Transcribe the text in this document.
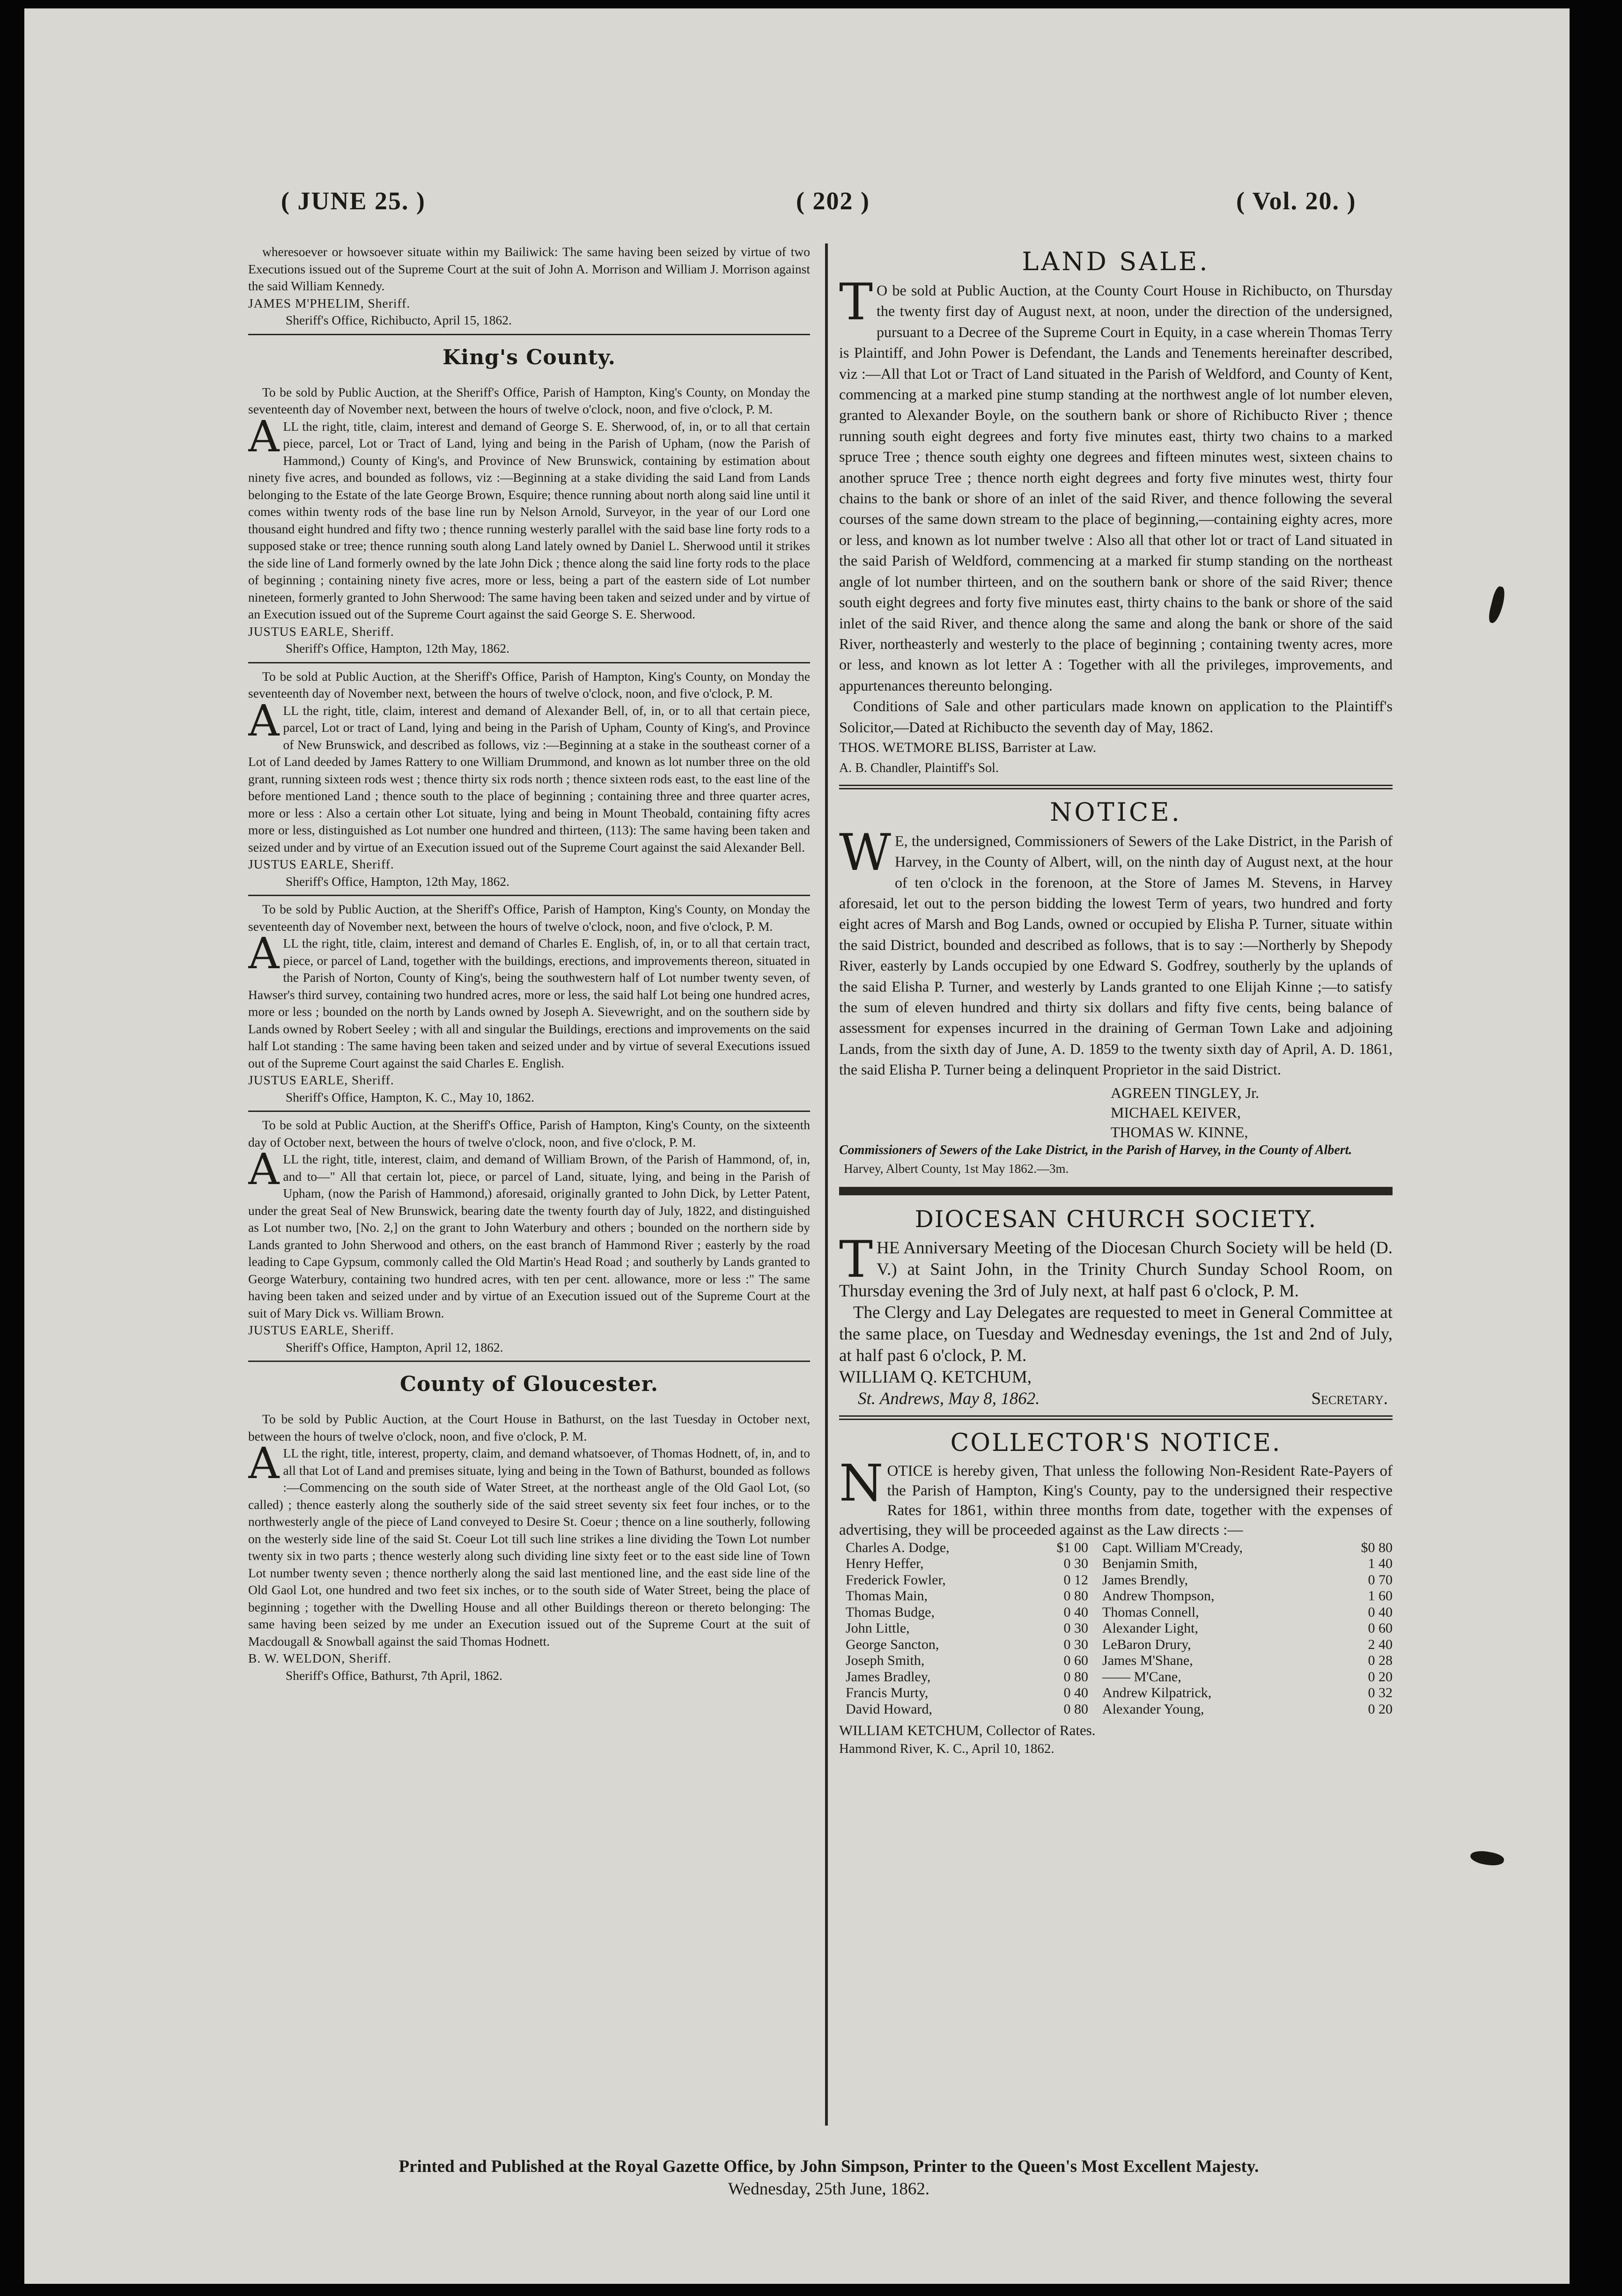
( JUNE 25. )	( 202 )	( Vol. 20. )

wheresoever or howsoever situate within my Bailiwick: The same having been seized by virtue of two Executions issued out of the Supreme Court at the suit of John A. Morrison and William J. Morrison against the said William Kennedy.

JAMES M'PHELIM, Sheriff.

Sheriff's Office, Richibucto, April 15, 1862.

King's County.

To be sold by Public Auction, at the Sheriff's Office, Parish of Hampton, King's County, on Monday the seventeenth day of November next, between the hours of twelve o'clock, noon, and five o'clock, P. M.

ALL the right, title, claim, interest and demand of George S. E. Sherwood, of, in, or to all that certain piece, parcel, Lot or Tract of Land, lying and being in the Parish of Upham, (now the Parish of Hammond,) County of King's, and Province of New Brunswick, containing by estimation about ninety five acres, and bounded as follows, viz :—Beginning at a stake dividing the said Land from Lands belonging to the Estate of the late George Brown, Esquire; thence running about north along said line until it comes within twenty rods of the base line run by Nelson Arnold, Surveyor, in the year of our Lord one thousand eight hundred and fifty two ; thence running westerly parallel with the said base line forty rods to a supposed stake or tree; thence running south along Land lately owned by Daniel L. Sherwood until it strikes the side line of Land formerly owned by the late John Dick ; thence along the said line forty rods to the place of beginning ; containing ninety five acres, more or less, being a part of the eastern side of Lot number nineteen, formerly granted to John Sherwood: The same having been taken and seized under and by virtue of an Execution issued out of the Supreme Court against the said George S. E. Sherwood.

JUSTUS EARLE, Sheriff.

Sheriff's Office, Hampton, 12th May, 1862.

To be sold at Public Auction, at the Sheriff's Office, Parish of Hampton, King's County, on Monday the seventeenth day of November next, between the hours of twelve o'clock, noon, and five o'clock, P. M.

ALL the right, title, claim, interest and demand of Alexander Bell, of, in, or to all that certain piece, parcel, Lot or tract of Land, lying and being in the Parish of Upham, County of King's, and Province of New Brunswick, and described as follows, viz :—Beginning at a stake in the southeast corner of a Lot of Land deeded by James Rattery to one William Drummond, and known as lot number three on the old grant, running sixteen rods west ; thence thirty six rods north ; thence sixteen rods east, to the east line of the before mentioned Land ; thence south to the place of beginning ; containing three and three quarter acres, more or less : Also a certain other Lot situate, lying and being in Mount Theobald, containing fifty acres more or less, distinguished as Lot number one hundred and thirteen, (113): The same having been taken and seized under and by virtue of an Execution issued out of the Supreme Court against the said Alexander Bell.

JUSTUS EARLE, Sheriff.

Sheriff's Office, Hampton, 12th May, 1862.

To be sold by Public Auction, at the Sheriff's Office, Parish of Hampton, King's County, on Monday the seventeenth day of November next, between the hours of twelve o'clock, noon, and five o'clock, P. M.

ALL the right, title, claim, interest and demand of Charles E. English, of, in, or to all that certain tract, piece, or parcel of Land, together with the buildings, erections, and improvements thereon, situated in the Parish of Norton, County of King's, being the southwestern half of Lot number twenty seven, of Hawser's third survey, containing two hundred acres, more or less, the said half Lot being one hundred acres, more or less ; bounded on the north by Lands owned by Joseph A. Sievewright, and on the southern side by Lands owned by Robert Seeley ; with all and singular the Buildings, erections and improvements on the said half Lot standing : The same having been taken and seized under and by virtue of several Executions issued out of the Supreme Court against the said Charles E. English.

JUSTUS EARLE, Sheriff.

Sheriff's Office, Hampton, K. C., May 10, 1862.

To be sold at Public Auction, at the Sheriff's Office, Parish of Hampton, King's County, on the sixteenth day of October next, between the hours of twelve o'clock, noon, and five o'clock, P. M.

ALL the right, title, interest, claim, and demand of William Brown, of the Parish of Hammond, of, in, and to—" All that certain lot, piece, or parcel of Land, situate, lying, and being in the Parish of Upham, (now the Parish of Hammond,) aforesaid, originally granted to John Dick, by Letter Patent, under the great Seal of New Brunswick, bearing date the twenty fourth day of July, 1822, and distinguished as Lot number two, [No. 2,] on the grant to John Waterbury and others ; bounded on the northern side by Lands granted to John Sherwood and others, on the east branch of Hammond River ; easterly by the road leading to Cape Gypsum, commonly called the Old Martin's Head Road ; and southerly by Lands granted to George Waterbury, containing two hundred acres, with ten per cent. allowance, more or less :" The same having been taken and seized under and by virtue of an Execution issued out of the Supreme Court at the suit of Mary Dick vs. William Brown.

JUSTUS EARLE, Sheriff.

Sheriff's Office, Hampton, April 12, 1862.

County of Gloucester.

To be sold by Public Auction, at the Court House in Bathurst, on the last Tuesday in October next, between the hours of twelve o'clock, noon, and five o'clock, P. M.

ALL the right, title, interest, property, claim, and demand whatsoever, of Thomas Hodnett, of, in, and to all that Lot of Land and premises situate, lying and being in the Town of Bathurst, bounded as follows :—Commencing on the south side of Water Street, at the northeast angle of the Old Gaol Lot, (so called) ; thence easterly along the southerly side of the said street seventy six feet four inches, or to the northwesterly angle of the piece of Land conveyed to Desire St. Coeur ; thence on a line southerly, following on the westerly side line of the said St. Coeur Lot till such line strikes a line dividing the Town Lot number twenty six in two parts ; thence westerly along such dividing line sixty feet or to the east side line of Town Lot number twenty seven ; thence northerly along the said last mentioned line, and the east side line of the Old Gaol Lot, one hundred and two feet six inches, or to the south side of Water Street, being the place of beginning ; together with the Dwelling House and all other Buildings thereon or thereto belonging: The same having been seized by me under an Execution issued out of the Supreme Court at the suit of Macdougall & Snowball against the said Thomas Hodnett.

B. W. WELDON, Sheriff.

Sheriff's Office, Bathurst, 7th April, 1862.

LAND SALE.

TO be sold at Public Auction, at the County Court House in Richibucto, on Thursday the twenty first day of August next, at noon, under the direction of the undersigned, pursuant to a Decree of the Supreme Court in Equity, in a case wherein Thomas Terry is Plaintiff, and John Power is Defendant, the Lands and Tenements hereinafter described, viz :—All that Lot or Tract of Land situated in the Parish of Weldford, and County of Kent, commencing at a marked pine stump standing at the northwest angle of lot number eleven, granted to Alexander Boyle, on the southern bank or shore of Richibucto River ; thence running south eight degrees and forty five minutes east, thirty two chains to a marked spruce Tree ; thence south eighty one degrees and fifteen minutes west, sixteen chains to another spruce Tree ; thence north eight degrees and forty five minutes west, thirty four chains to the bank or shore of an inlet of the said River, and thence following the several courses of the same down stream to the place of beginning,—containing eighty acres, more or less, and known as lot number twelve : Also all that other lot or tract of Land situated in the said Parish of Weldford, commencing at a marked fir stump standing on the northeast angle of lot number thirteen, and on the southern bank or shore of the said River; thence south eight degrees and forty five minutes east, thirty chains to the bank or shore of the said inlet of the said River, and thence along the same and along the bank or shore of the said River, northeasterly and westerly to the place of beginning ; containing twenty acres, more or less, and known as lot letter A : Together with all the privileges, improvements, and appurtenances thereunto belonging.

Conditions of Sale and other particulars made known on application to the Plaintiff's Solicitor,—Dated at Richibucto the seventh day of May, 1862.

THOS. WETMORE BLISS, Barrister at Law.

A. B. Chandler, Plaintiff's Sol.

NOTICE.

WE, the undersigned, Commissioners of Sewers of the Lake District, in the Parish of Harvey, in the County of Albert, will, on the ninth day of August next, at the hour of ten o'clock in the forenoon, at the Store of James M. Stevens, in Harvey aforesaid, let out to the person bidding the lowest Term of years, two hundred and forty eight acres of Marsh and Bog Lands, owned or occupied by Elisha P. Turner, situate within the said District, bounded and described as follows, that is to say :—Northerly by Shepody River, easterly by Lands occupied by one Edward S. Godfrey, southerly by the uplands of the said Elisha P. Turner, and westerly by Lands granted to one Elijah Kinne ;—to satisfy the sum of eleven hundred and thirty six dollars and fifty five cents, being balance of assessment for expenses incurred in the draining of German Town Lake and adjoining Lands, from the sixth day of June, A. D. 1859 to the twenty sixth day of April, A. D. 1861, the said Elisha P. Turner being a delinquent Proprietor in the said District.

AGREEN TINGLEY, Jr.
MICHAEL KEIVER,
THOMAS W. KINNE,

Commissioners of Sewers of the Lake District, in the Parish of Harvey, in the County of Albert.

Harvey, Albert County, 1st May 1862.—3m.

DIOCESAN CHURCH SOCIETY.

THE Anniversary Meeting of the Diocesan Church Society will be held (D. V.) at Saint John, in the Trinity Church Sunday School Room, on Thursday evening the 3rd of July next, at half past 6 o'clock, P. M.

The Clergy and Lay Delegates are requested to meet in General Committee at the same place, on Tuesday and Wednesday evenings, the 1st and 2nd of July, at half past 6 o'clock, P. M.

WILLIAM Q. KETCHUM,

St. Andrews, May 8, 1862.	Secretary.
COLLECTOR'S NOTICE.

NOTICE is hereby given, That unless the following Non-Resident Rate-Payers of the Parish of Hampton, King's County, pay to the undersigned their respective Rates for 1861, within three months from date, together with the expenses of advertising, they will be proceeded against as the Law directs :—

Charles A. Dodge,	$1 00	Capt. William M'Cready,	$0 80
Henry Heffer,	0 30	Benjamin Smith,	1 40
Frederick Fowler,	0 12	James Brendly,	0 70
Thomas Main,	0 80	Andrew Thompson,	1 60
Thomas Budge,	0 40	Thomas Connell,	0 40
John Little,	0 30	Alexander Light,	0 60
George Sancton,	0 30	LeBaron Drury,	2 40
Joseph Smith,	0 60	James M'Shane,	0 28
James Bradley,	0 80	—— M'Cane,	0 20
Francis Murty,	0 40	Andrew Kilpatrick,	0 32
David Howard,	0 80	Alexander Young,	0 20

WILLIAM KETCHUM, Collector of Rates.

Hammond River, K. C., April 10, 1862.

Printed and Published at the Royal Gazette Office, by John Simpson, Printer to the Queen's Most Excellent Majesty.
Wednesday, 25th June, 1862.
